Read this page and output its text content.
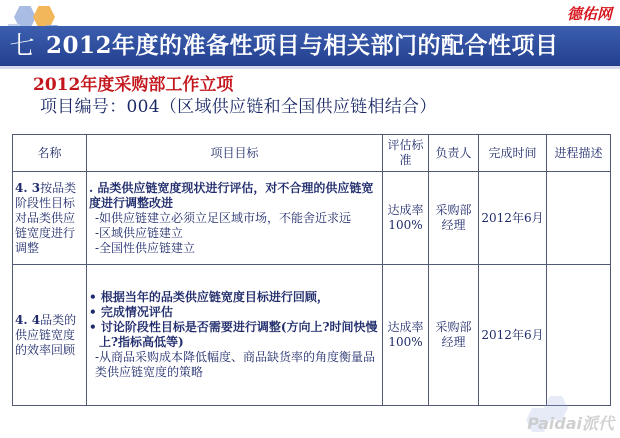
七 2012年度的准备性项目与相关部门的配合性项目
德佑网
2012年度采购部工作立项
项目编号：004（区域供应链和全国供应链相结合）
名称	项目目标	评估标准	负责人	完成时间	进程描述
4. 3按品类阶段性目标对品类供应链宽度进行调整	. 品类供应链宽度现状进行评估，对不合理的供应链宽度进行调整改进

-如供应链建立必须立足区域市场，不能舍近求远

-区域供应链建立

-全国性供应链建立	达成率100%	采购部经理	2012年6月	
4. 4品类的供应链宽度的效率回顾	• 根据当年的品类供应链宽度目标进行回顾，

• 完成情况评估

• 讨论阶段性目标是否需要进行调整(方向上?时间快慢上?指标高低等)

-从商品采购成本降低幅度、商品缺货率的角度衡量品类供应链宽度的策略	达成率100%	采购部经理	2012年6月	
Paidai派代
